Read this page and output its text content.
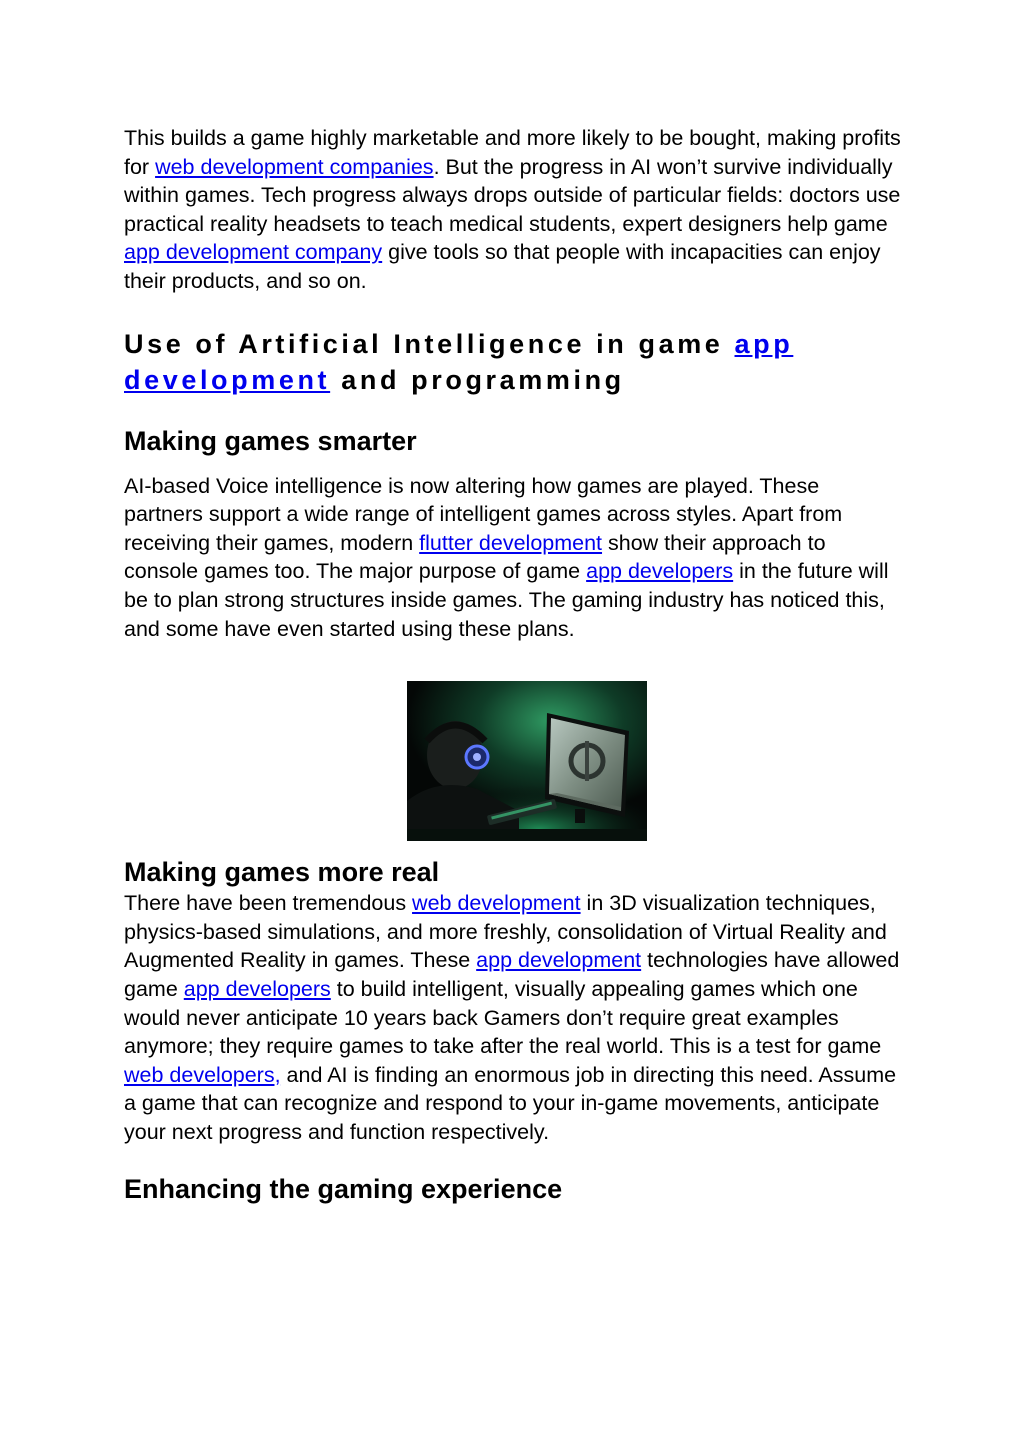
This builds a game highly marketable and more likely to be bought, making profits for web development companies. But the progress in AI won’t survive individually within games. Tech progress always drops outside of particular fields: doctors use practical reality headsets to teach medical students, expert designers help game app development company give tools so that people with incapacities can enjoy their products, and so on.

Use of Artificial Intelligence in game app development and programming
Making games smarter

AI-based Voice intelligence is now altering how games are played. These partners support a wide range of intelligent games across styles. Apart from receiving their games, modern flutter development show their approach to console games too. The major purpose of game app developers in the future will be to plan strong structures inside games. The gaming industry has noticed this, and some have even started using these plans.

Making games more real

There have been tremendous web development in 3D visualization techniques, physics-based simulations, and more freshly, consolidation of Virtual Reality and Augmented Reality in games. These app development technologies have allowed game app developers to build intelligent, visually appealing games which one would never anticipate 10 years back Gamers don’t require great examples anymore; they require games to take after the real world. This is a test for game web developers, and AI is finding an enormous job in directing this need. Assume a game that can recognize and respond to your in-game movements, anticipate your next progress and function respectively.

Enhancing the gaming experience
